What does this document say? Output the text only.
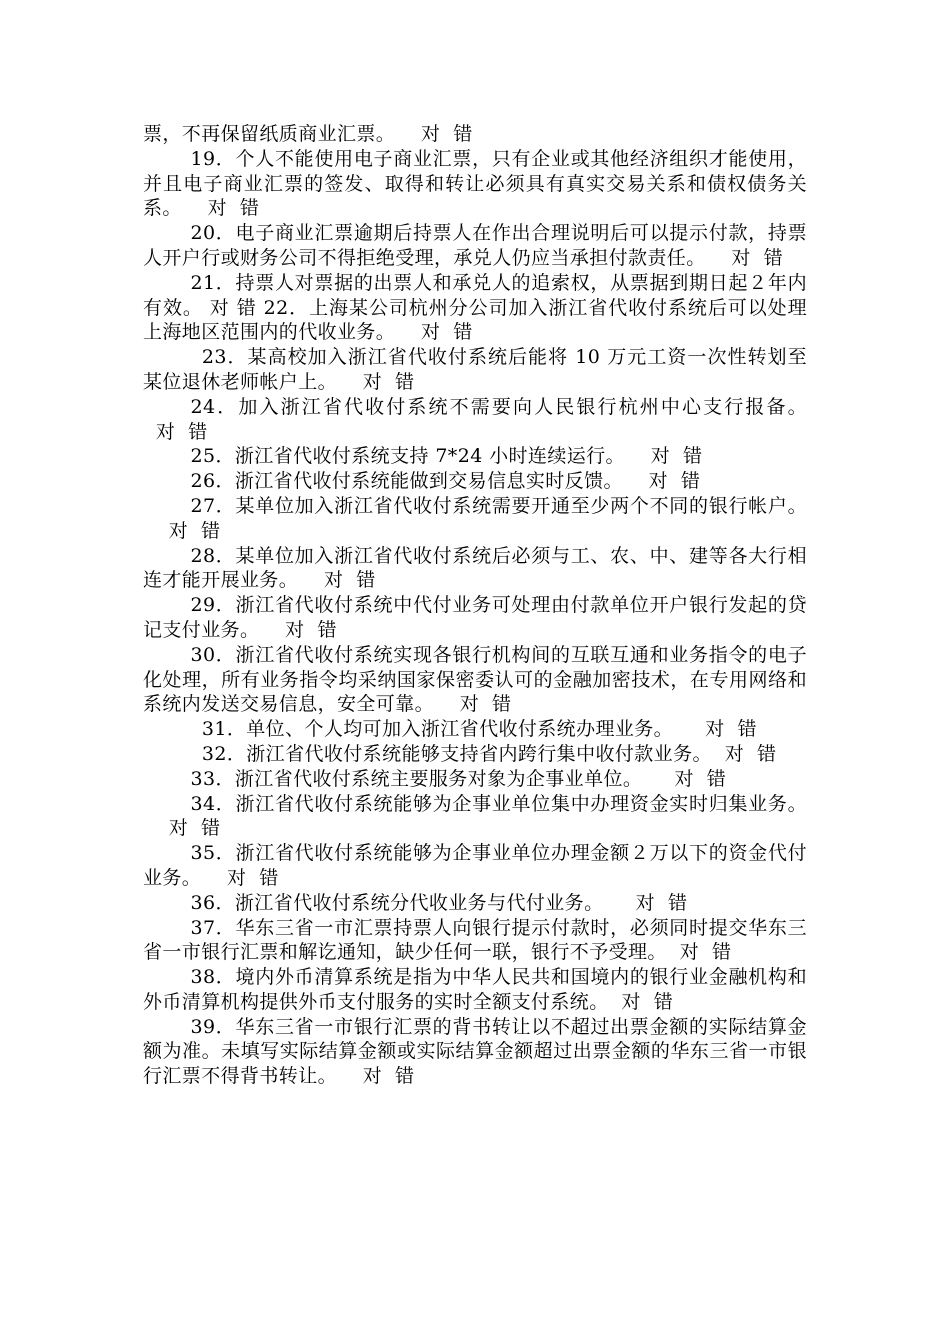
票，不再保留纸质商业汇票。    对  错

19．个人不能使用电子商业汇票，只有企业或其他经济组织才能使用，并且电子商业汇票的签发、取得和转让必须具有真实交易关系和债权债务关系。    对  错

20．电子商业汇票逾期后持票人在作出合理说明后可以提示付款，持票人开户行或财务公司不得拒绝受理，承兑人仍应当承担付款责任。    对  错

21．持票人对票据的出票人和承兑人的追索权，从票据到期日起２年内有效。 对 错 22．上海某公司杭州分公司加入浙江省代收付系统后可以处理上海地区范围内的代收业务。    对  错

23．某高校加入浙江省代收付系统后能将 10 万元工资一次性转划至某位退休老师帐户上。    对  错

24．加入浙江省代收付系统不需要向人民银行杭州中心支行报备。  对  错

25．浙江省代收付系统支持 7*24 小时连续运行。    对  错

26．浙江省代收付系统能做到交易信息实时反馈。    对  错

27．某单位加入浙江省代收付系统需要开通至少两个不同的银行帐户。    对  错

28．某单位加入浙江省代收付系统后必须与工、农、中、建等各大行相连才能开展业务。    对  错

29．浙江省代收付系统中代付业务可处理由付款单位开户银行发起的贷记支付业务。    对  错

30．浙江省代收付系统实现各银行机构间的互联互通和业务指令的电子化处理，所有业务指令均采纳国家保密委认可的金融加密技术，在专用网络和系统内发送交易信息，安全可靠。    对  错

31．单位、个人均可加入浙江省代收付系统办理业务。     对  错

32．浙江省代收付系统能够支持省内跨行集中收付款业务。  对  错

33．浙江省代收付系统主要服务对象为企事业单位。     对  错

34．浙江省代收付系统能够为企事业单位集中办理资金实时归集业务。    对  错

35．浙江省代收付系统能够为企事业单位办理金额２万以下的资金代付业务。    对  错

36．浙江省代收付系统分代收业务与代付业务。     对  错

37．华东三省一市汇票持票人向银行提示付款时，必须同时提交华东三省一市银行汇票和解讫通知，缺少任何一联，银行不予受理。  对  错

38．境内外币清算系统是指为中华人民共和国境内的银行业金融机构和外币清算机构提供外币支付服务的实时全额支付系统。  对  错

39．华东三省一市银行汇票的背书转让以不超过出票金额的实际结算金额为准。未填写实际结算金额或实际结算金额超过出票金额的华东三省一市银行汇票不得背书转让。    对  错
